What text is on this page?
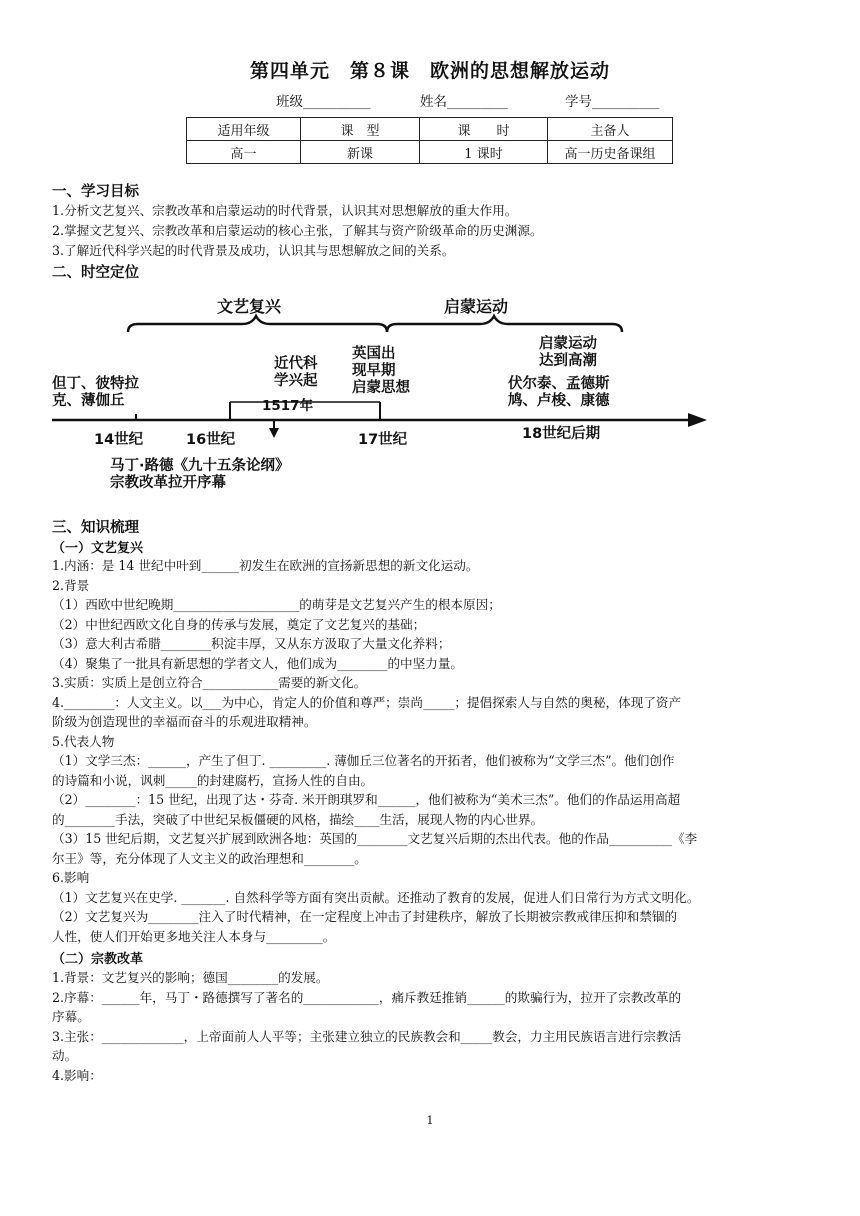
第四单元　第８课　欧洲的思想解放运动
班级__________	姓名_________	学号__________
适用年级	课　型	课　　时	主备人
高一	新课	1 课时	高一历史备课组
一、学习目标
1.分析文艺复兴、宗教改革和启蒙运动的时代背景，认识其对思想解放的重大作用。
2.掌握文艺复兴、宗教改革和启蒙运动的核心主张，了解其与资产阶级革命的历史渊源。
3.了解近代科学兴起的时代背景及成功，认识其与思想解放之间的关系。
二、时空定位
文艺复兴	启蒙运动
但丁、彼特拉
克、薄伽丘
近代科
学兴起
英国出
现早期
启蒙思想
启蒙运动
达到高潮
伏尔泰、孟德斯
鸠、卢梭、康德
1517年
14世纪	16世纪	17世纪	18世纪后期
马丁·路德《九十五条论纲》
宗教改革拉开序幕
三、知识梳理
（一）文艺复兴
1.内涵：是 14 世纪中叶到______初发生在欧洲的宣扬新思想的新文化运动。
2.背景
（1）西欧中世纪晚期____________________的萌芽是文艺复兴产生的根本原因；
（2）中世纪西欧文化自身的传承与发展，奠定了文艺复兴的基础；
（3）意大利古希腊________积淀丰厚，又从东方汲取了大量文化养料；
（4）聚集了一批具有新思想的学者文人，他们成为________的中坚力量。
3.实质：实质上是创立符合____________需要的新文化。
4.________：人文主义。以___为中心，肯定人的价值和尊严；崇尚_____；提倡探索人与自然的奥秘，体现了资产
阶级为创造现世的幸福而奋斗的乐观进取精神。
5.代表人物
（1）文学三杰：______，产生了但丁. _________. 薄伽丘三位著名的开拓者，他们被称为“文学三杰”。他们创作
的诗篇和小说，讽刺_____的封建腐朽，宣扬人性的自由。
（2）________：15 世纪，出现了达・芬奇. 米开朗琪罗和______，他们被称为“美术三杰”。他们的作品运用高超
的________手法，突破了中世纪呆板僵硬的风格，描绘____生活，展现人物的内心世界。
（3）15 世纪后期，文艺复兴扩展到欧洲各地：英国的________文艺复兴后期的杰出代表。他的作品__________《李
尔王》等，充分体现了人文主义的政治理想和________。
6.影响
（1）文艺复兴在史学. _______. 自然科学等方面有突出贡献。还推动了教育的发展，促进人们日常行为方式文明化。
（2）文艺复兴为________注入了时代精神，在一定程度上冲击了封建秩序，解放了长期被宗教戒律压抑和禁锢的
人性，使人们开始更多地关注人本身与_________。
（二）宗教改革
1.背景：文艺复兴的影响；德国________的发展。
2.序幕：______年，马丁・路德撰写了著名的____________，痛斥教廷推销______的欺骗行为，拉开了宗教改革的
序幕。
3.主张：_____________，上帝面前人人平等；主张建立独立的民族教会和_____教会，力主用民族语言进行宗教活
动。
4.影响：
1
